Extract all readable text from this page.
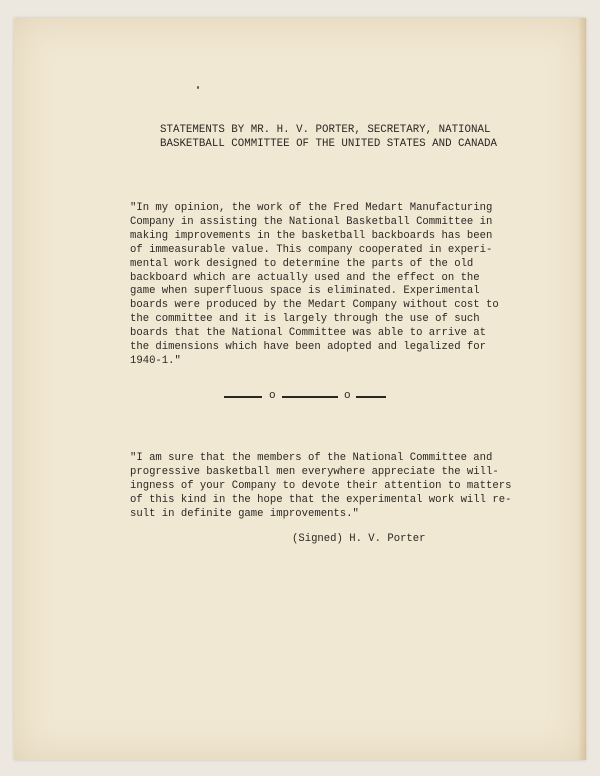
STATEMENTS BY MR. H. V. PORTER, SECRETARY, NATIONAL
BASKETBALL COMMITTEE OF THE UNITED STATES AND CANADA
"In my opinion, the work of the Fred Medart Manufacturing
Company in assisting the National Basketball Committee in
making improvements in the basketball backboards has been
of immeasurable value. This company cooperated in experi-
mental work designed to determine the parts of the old
backboard which are actually used and the effect on the
game when superfluous space is eliminated. Experimental
boards were produced by the Medart Company without cost to
the committee and it is largely through the use of such
boards that the National Committee was able to arrive at
the dimensions which have been adopted and legalized for
1940-1."
o	o
"I am sure that the members of the National Committee and
progressive basketball men everywhere appreciate the will-
ingness of your Company to devote their attention to matters
of this kind in the hope that the experimental work will re-
sult in definite game improvements."
(Signed) H. V. Porter
